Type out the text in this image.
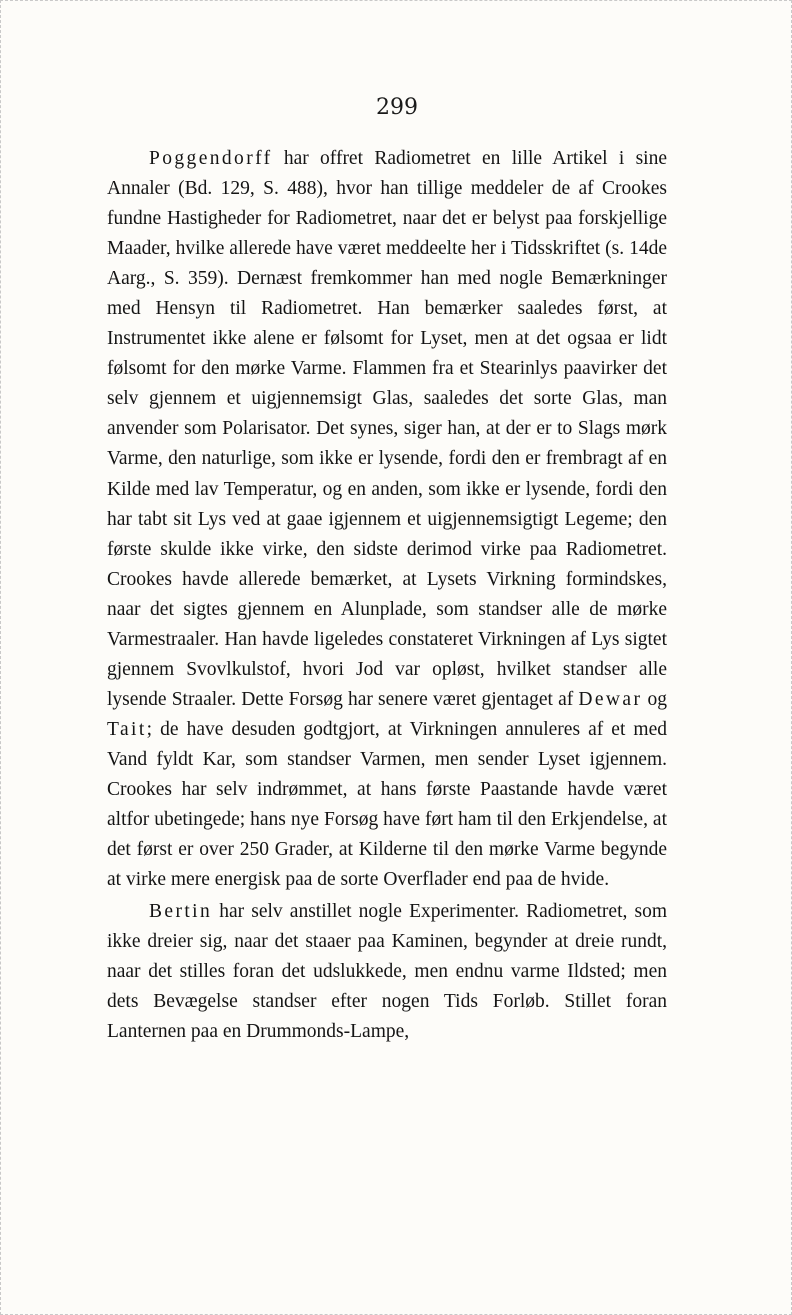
299

Poggendorff har offret Radiometret en lille Artikel i sine Annaler (Bd. 129, S. 488), hvor han tillige meddeler de af Crookes fundne Hastigheder for Radiometret, naar det er belyst paa forskjellige Maader, hvilke allerede have været meddeelte her i Tidsskriftet (s. 14de Aarg., S. 359). Dernæst fremkommer han med nogle Bemærkninger med Hensyn til Radiometret. Han bemærker saaledes først, at Instrumentet ikke alene er følsomt for Lyset, men at det ogsaa er lidt følsomt for den mørke Varme. Flammen fra et Stearinlys paavirker det selv gjennem et uigjennemsigt Glas, saaledes det sorte Glas, man anvender som Polarisator. Det synes, siger han, at der er to Slags mørk Varme, den naturlige, som ikke er lysende, fordi den er frembragt af en Kilde med lav Temperatur, og en anden, som ikke er lysende, fordi den har tabt sit Lys ved at gaae igjennem et uigjennemsigtigt Legeme; den første skulde ikke virke, den sidste derimod virke paa Radiometret. Crookes havde allerede bemærket, at Lysets Virkning formindskes, naar det sigtes gjennem en Alunplade, som standser alle de mørke Varmestraaler. Han havde ligeledes constateret Virkningen af Lys sigtet gjennem Svovlkulstof, hvori Jod var opløst, hvilket standser alle lysende Straaler. Dette Forsøg har senere været gjentaget af Dewar og Tait; de have desuden godtgjort, at Virkningen annuleres af et med Vand fyldt Kar, som standser Varmen, men sender Lyset igjennem. Crookes har selv indrømmet, at hans første Paastande havde været altfor ubetingede; hans nye Forsøg have ført ham til den Erkjendelse, at det først er over 250 Grader, at Kilderne til den mørke Varme begynde at virke mere energisk paa de sorte Overflader end paa de hvide.

Bertin har selv anstillet nogle Experimenter. Radiometret, som ikke dreier sig, naar det staaer paa Kaminen, begynder at dreie rundt, naar det stilles foran det udslukkede, men endnu varme Ildsted; men dets Bevægelse standser efter nogen Tids Forløb. Stillet foran Lanternen paa en Drummonds-Lampe,
